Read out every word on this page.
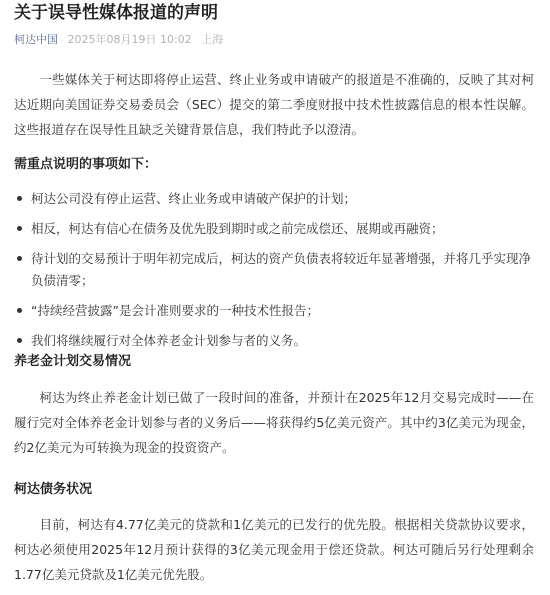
关于误导性媒体报道的声明
柯达中国 2025年08月19日 10:02 上海

　　一些媒体关于柯达即将停止运营、终止业务或申请破产的报道是不准确的，反映了其对柯达近期向美国证券交易委员会（SEC）提交的第二季度财报中技术性披露信息的根本性误解。这些报道存在误导性且缺乏关键背景信息，我们特此予以澄清。

需重点说明的事项如下：
柯达公司没有停止运营、终止业务或申请破产保护的计划；
相反，柯达有信心在债务及优先股到期时或之前完成偿还、展期或再融资；
待计划的交易预计于明年初完成后，柯达的资产负债表将较近年显著增强，并将几乎实现净负债清零；
“持续经营披露”是会计准则要求的一种技术性报告；
我们将继续履行对全体养老金计划参与者的义务。
养老金计划交易情况

　　柯达为终止养老金计划已做了一段时间的准备，并预计在2025年12月交易完成时——在履行完对全体养老金计划参与者的义务后——将获得约5亿美元资产。其中约3亿美元为现金，约2亿美元为可转换为现金的投资资产。

柯达债务状况

　　目前，柯达有4.77亿美元的贷款和1亿美元的已发行的优先股。根据相关贷款协议要求，柯达必须使用2025年12月预计获得的3亿美元现金用于偿还贷款。柯达可随后另行处理剩余1.77亿美元贷款及1亿美元优先股。
